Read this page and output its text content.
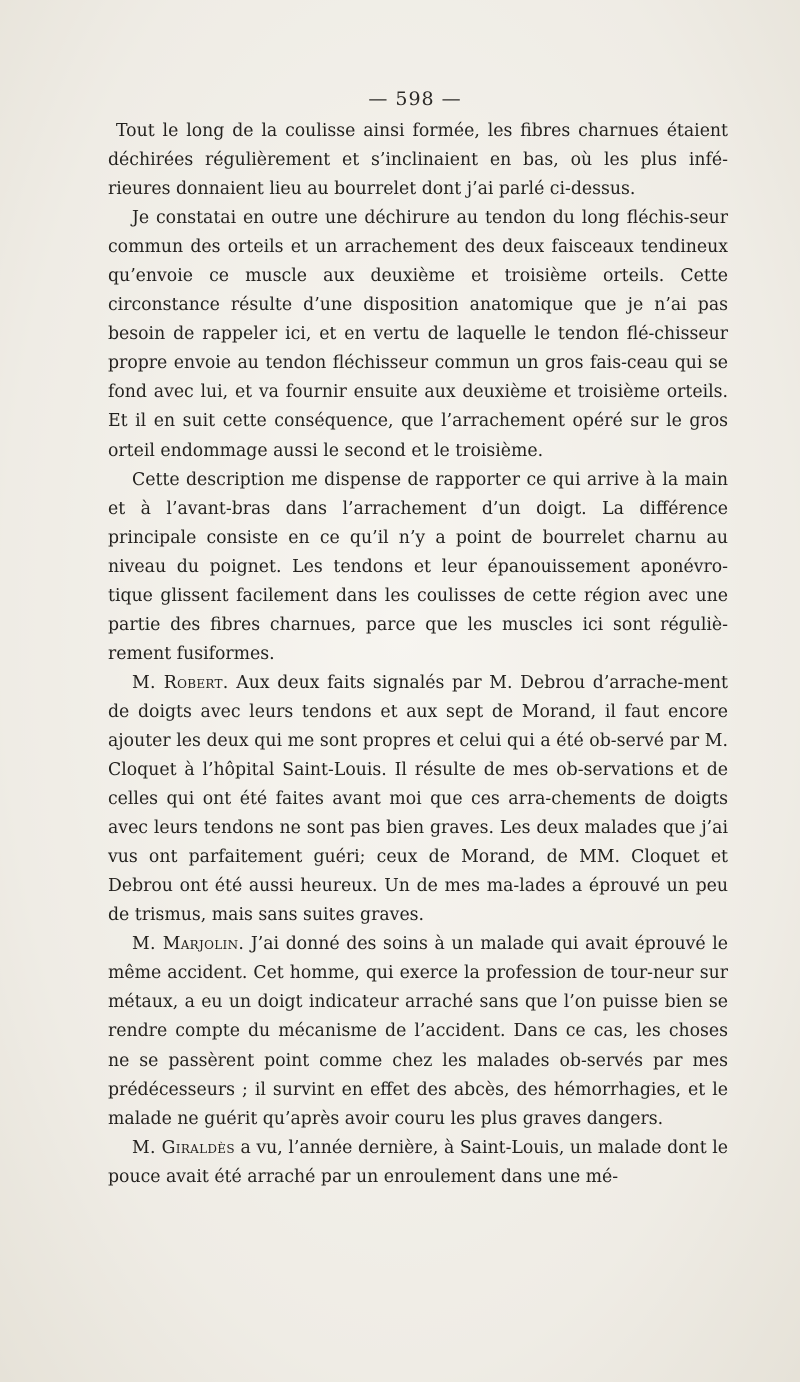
— 598 —

Tout le long de la coulisse ainsi formée, les fibres charnues étaient déchirées régulièrement et s’inclinaient en bas, où les plus infé-rieures donnaient lieu au bourrelet dont j’ai parlé ci-dessus.

Je constatai en outre une déchirure au tendon du long fléchis-seur commun des orteils et un arrachement des deux faisceaux tendineux qu’envoie ce muscle aux deuxième et troisième orteils. Cette circonstance résulte d’une disposition anatomique que je n’ai pas besoin de rappeler ici, et en vertu de laquelle le tendon flé-chisseur propre envoie au tendon fléchisseur commun un gros fais-ceau qui se fond avec lui, et va fournir ensuite aux deuxième et troisième orteils. Et il en suit cette conséquence, que l’arrachement opéré sur le gros orteil endommage aussi le second et le troisième.

Cette description me dispense de rapporter ce qui arrive à la main et à l’avant-bras dans l’arrachement d’un doigt. La différence principale consiste en ce qu’il n’y a point de bourrelet charnu au niveau du poignet. Les tendons et leur épanouissement aponévro-tique glissent facilement dans les coulisses de cette région avec une partie des fibres charnues, parce que les muscles ici sont réguliè-rement fusiformes.

M. Robert. Aux deux faits signalés par M. Debrou d’arrache-ment de doigts avec leurs tendons et aux sept de Morand, il faut encore ajouter les deux qui me sont propres et celui qui a été ob-servé par M. Cloquet à l’hôpital Saint-Louis. Il résulte de mes ob-servations et de celles qui ont été faites avant moi que ces arra-chements de doigts avec leurs tendons ne sont pas bien graves. Les deux malades que j’ai vus ont parfaitement guéri; ceux de Morand, de MM. Cloquet et Debrou ont été aussi heureux. Un de mes ma-lades a éprouvé un peu de trismus, mais sans suites graves.

M. Marjolin. J’ai donné des soins à un malade qui avait éprouvé le même accident. Cet homme, qui exerce la profession de tour-neur sur métaux, a eu un doigt indicateur arraché sans que l’on puisse bien se rendre compte du mécanisme de l’accident. Dans ce cas, les choses ne se passèrent point comme chez les malades ob-servés par mes prédécesseurs ; il survint en effet des abcès, des hémorrhagies, et le malade ne guérit qu’après avoir couru les plus graves dangers.

M. Giraldès a vu, l’année dernière, à Saint-Louis, un malade dont le pouce avait été arraché par un enroulement dans une mé-
